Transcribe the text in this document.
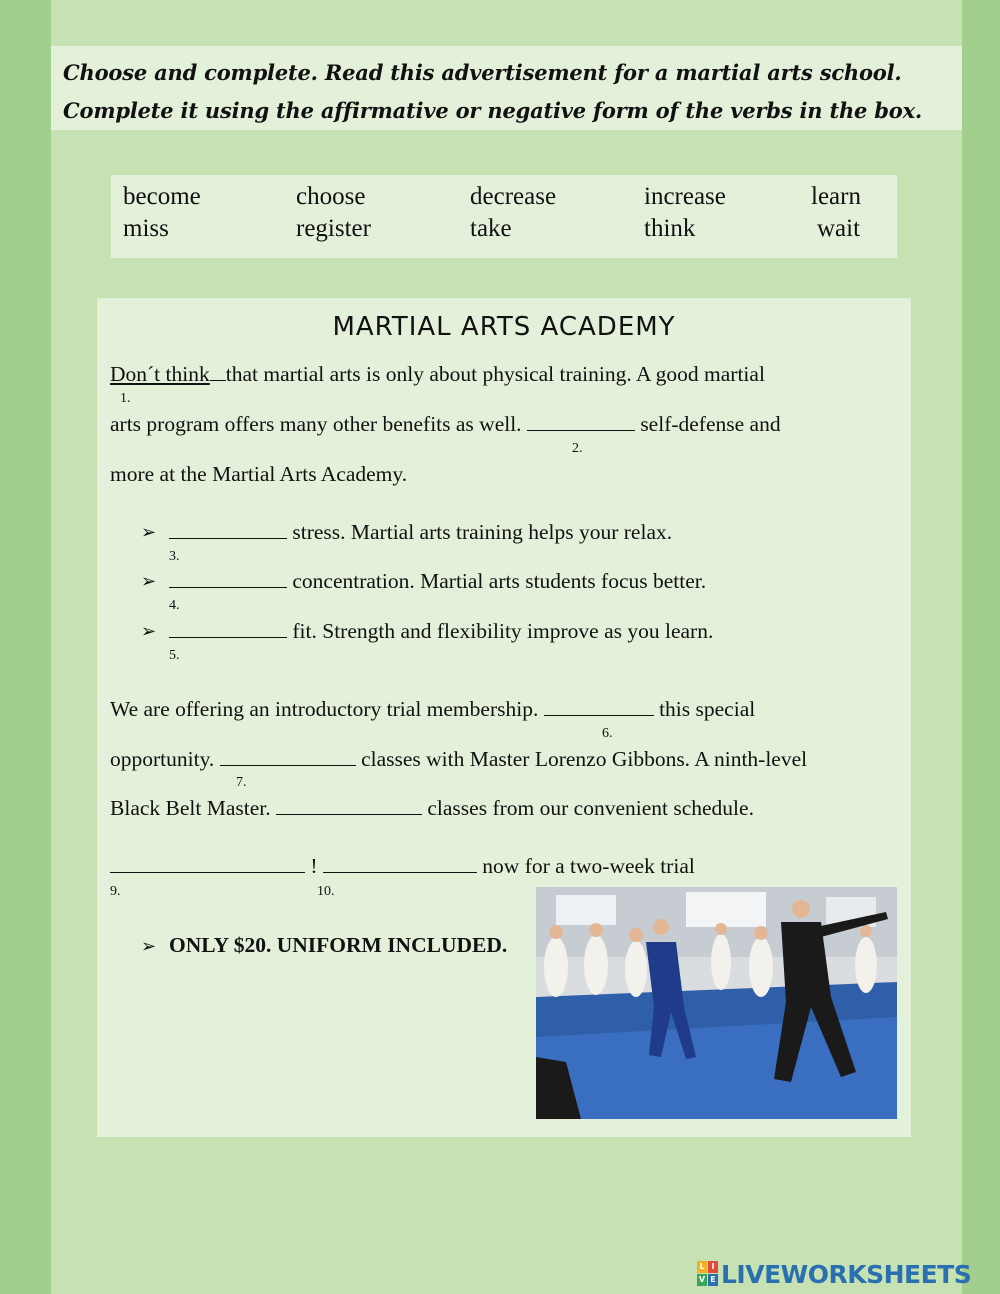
Choose and complete. Read this advertisement for a martial arts school.
Complete it using the affirmative or negative form of the verbs in the box.
become	choose	decrease	increase	learn
miss	register	take	think	wait
MARTIAL ARTS ACADEMY
Don´t think that martial arts is only about physical training. A good martial
1.
arts program offers many other benefits as well.	self-defense and
2.
more at the Martial Arts Academy.
➢	stress. Martial arts training helps your relax.
3.
➢	concentration. Martial arts students focus better.
4.
➢	fit. Strength and flexibility improve as you learn.
5.
We are offering an introductory trial membership.	this special
6.
opportunity.	classes with Master Lorenzo Gibbons. A ninth-level
7.
Black Belt Master.	classes from our convenient schedule.
!	now for a two-week trial
9.	10.
➢ ONLY $20. UNIFORM INCLUDED.
L I
V E LIVEWORKSHEETS
